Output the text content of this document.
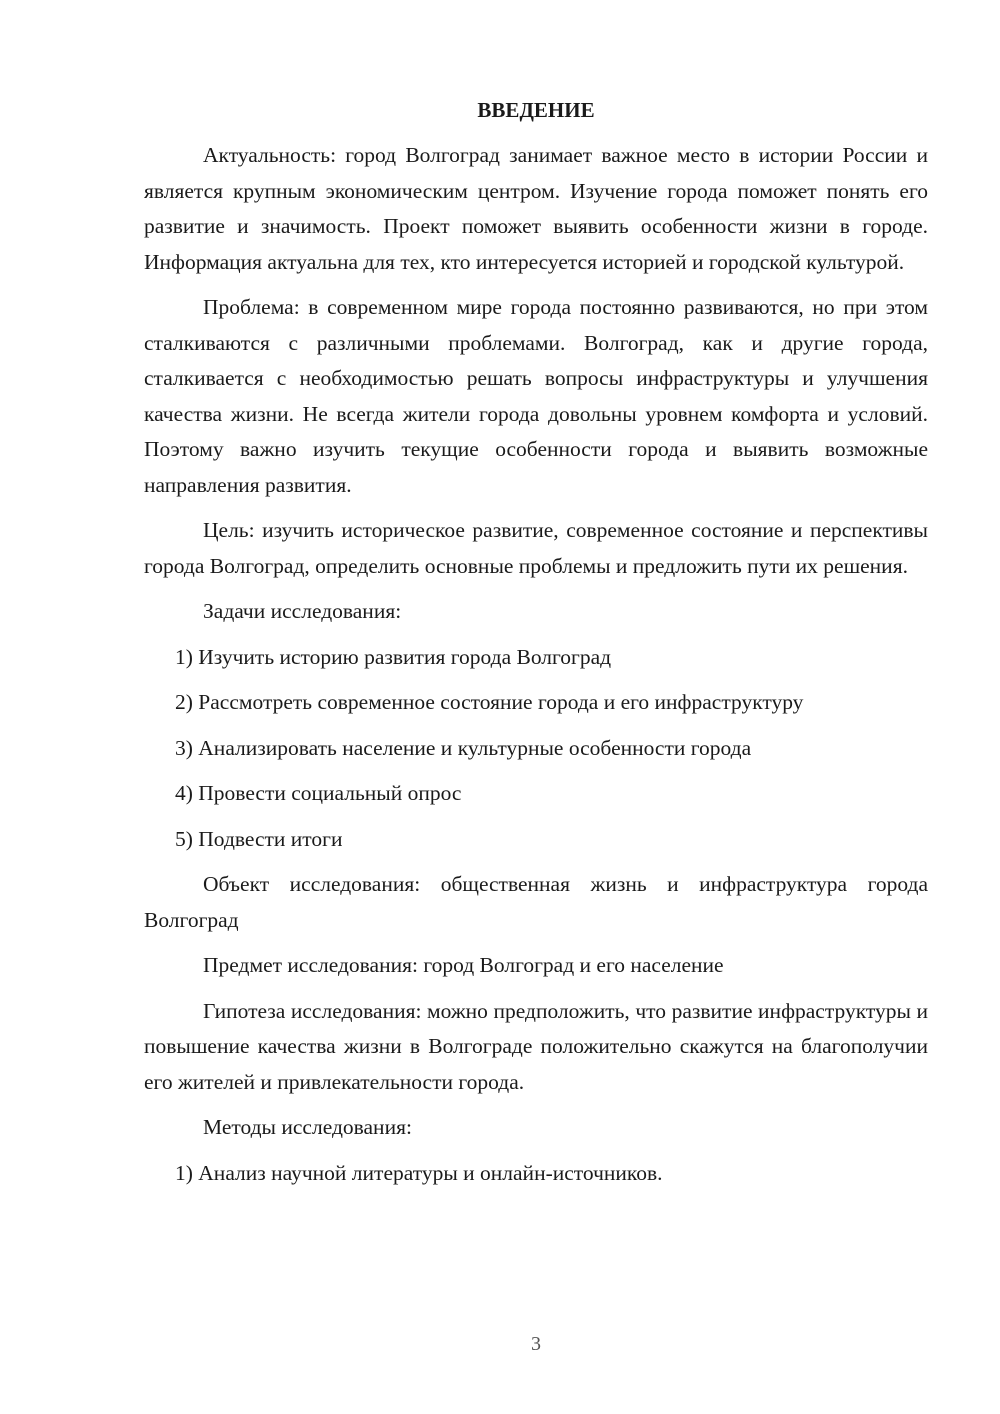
ВВЕДЕНИЕ

Актуальность: город Волгоград занимает важное место в истории России и является крупным экономическим центром. Изучение города поможет понять его развитие и значимость. Проект поможет выявить особенности жизни в городе. Информация актуальна для тех, кто интересуется историей и городской культурой.

Проблема: в современном мире города постоянно развиваются, но при этом сталкиваются с различными проблемами. Волгоград, как и другие города, сталкивается с необходимостью решать вопросы инфраструктуры и улучшения качества жизни. Не всегда жители города довольны уровнем комфорта и условий. Поэтому важно изучить текущие особенности города и выявить возможные направления развития.

Цель: изучить историческое развитие, современное состояние и перспективы города Волгоград, определить основные проблемы и предложить пути их решения.

Задачи исследования:

1) Изучить историю развития города Волгоград
2) Рассмотреть современное состояние города и его инфраструктуру
3) Анализировать население и культурные особенности города
4) Провести социальный опрос
5) Подвести итоги

Объект исследования: общественная жизнь и инфраструктура города Волгоград

Предмет исследования: город Волгоград и его население

Гипотеза исследования: можно предположить, что развитие инфраструктуры и повышение качества жизни в Волгограде положительно скажутся на благополучии его жителей и привлекательности города.

Методы исследования:

1) Анализ научной литературы и онлайн-источников.
3
